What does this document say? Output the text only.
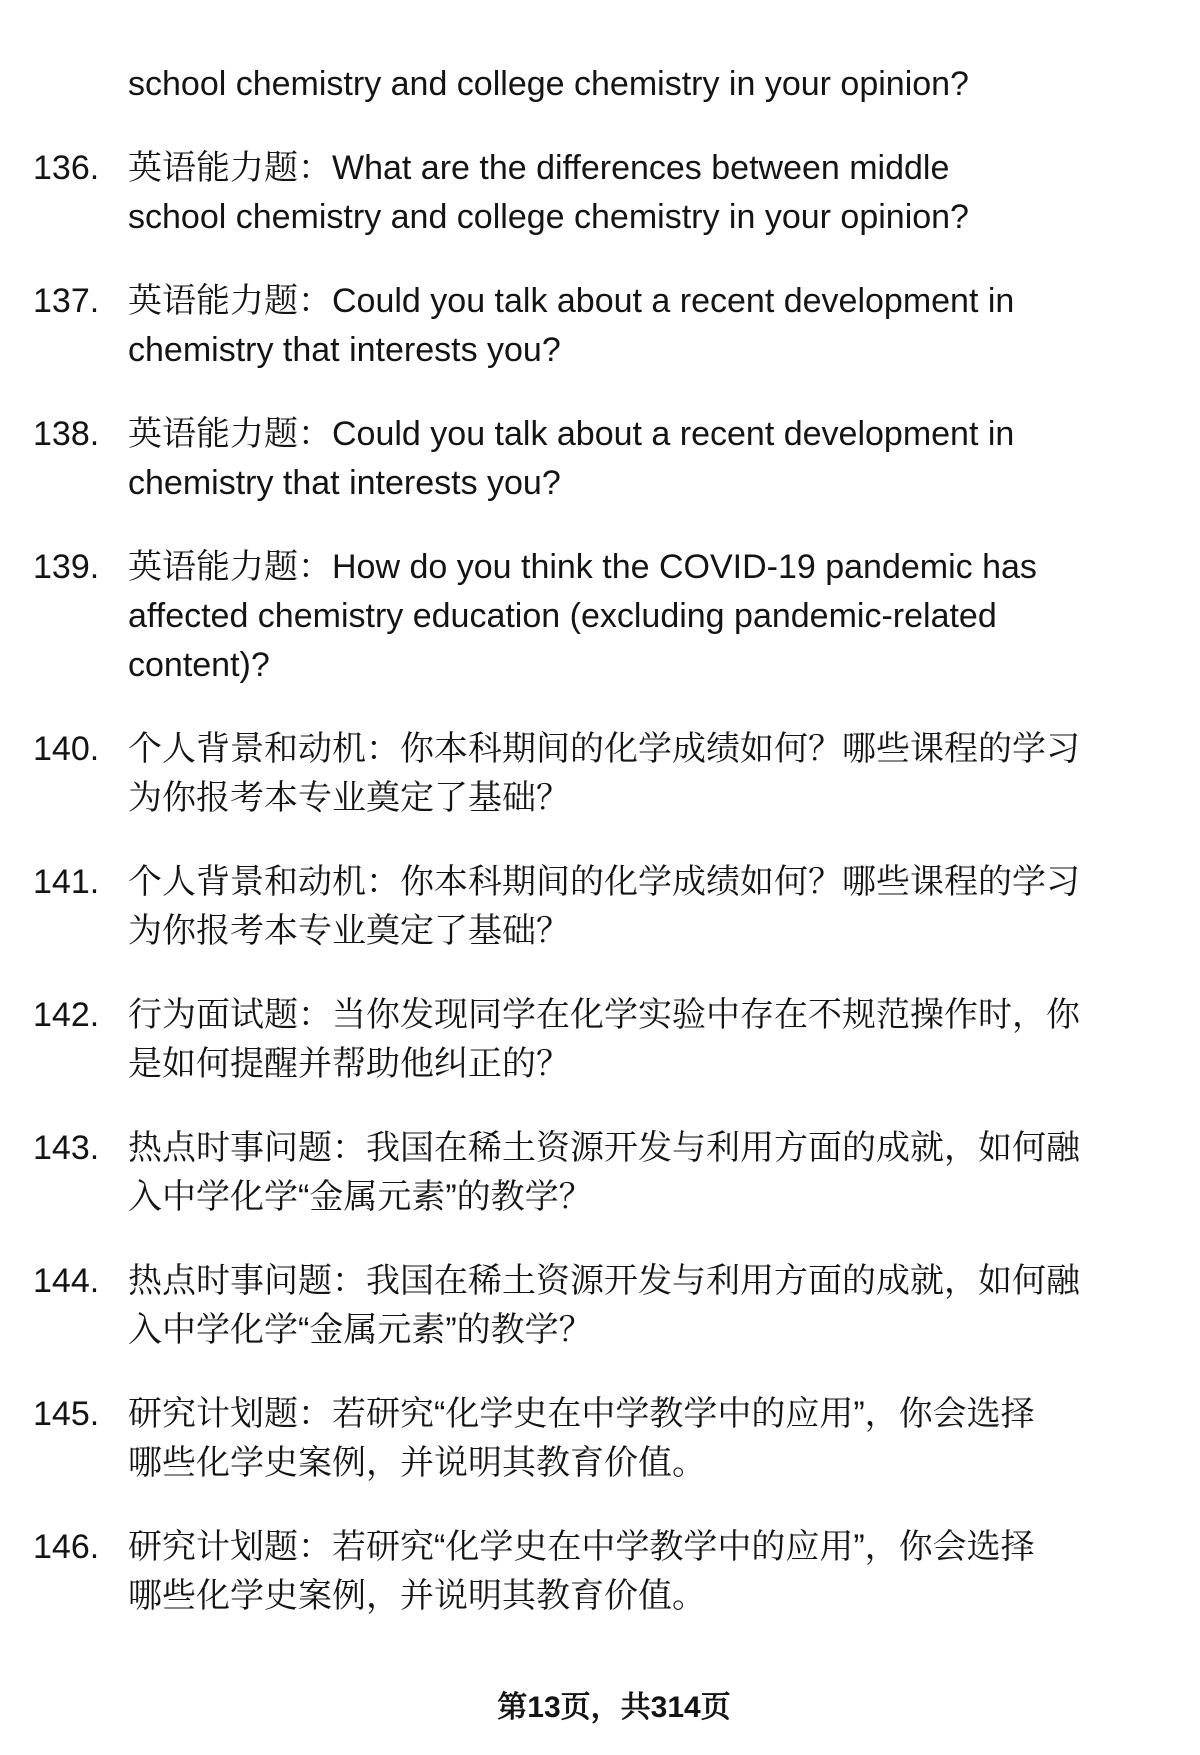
school chemistry and college chemistry in your opinion?
136. 英语能力题：What are the differences between middle
school chemistry and college chemistry in your opinion?
137. 英语能力题：Could you talk about a recent development in
chemistry that interests you?
138. 英语能力题：Could you talk about a recent development in
chemistry that interests you?
139. 英语能力题：How do you think the COVID-19 pandemic has
affected chemistry education (excluding pandemic-related
content)?
140. 个人背景和动机：你本科期间的化学成绩如何？哪些课程的学习
为你报考本专业奠定了基础？
141. 个人背景和动机：你本科期间的化学成绩如何？哪些课程的学习
为你报考本专业奠定了基础？
142. 行为面试题：当你发现同学在化学实验中存在不规范操作时，你
是如何提醒并帮助他纠正的？
143. 热点时事问题：我国在稀土资源开发与利用方面的成就，如何融
入中学化学“金属元素”的教学？
144. 热点时事问题：我国在稀土资源开发与利用方面的成就，如何融
入中学化学“金属元素”的教学？
145. 研究计划题：若研究“化学史在中学教学中的应用”，你会选择
哪些化学史案例，并说明其教育价值。
146. 研究计划题：若研究“化学史在中学教学中的应用”，你会选择
哪些化学史案例，并说明其教育价值。
第13页，共314页
